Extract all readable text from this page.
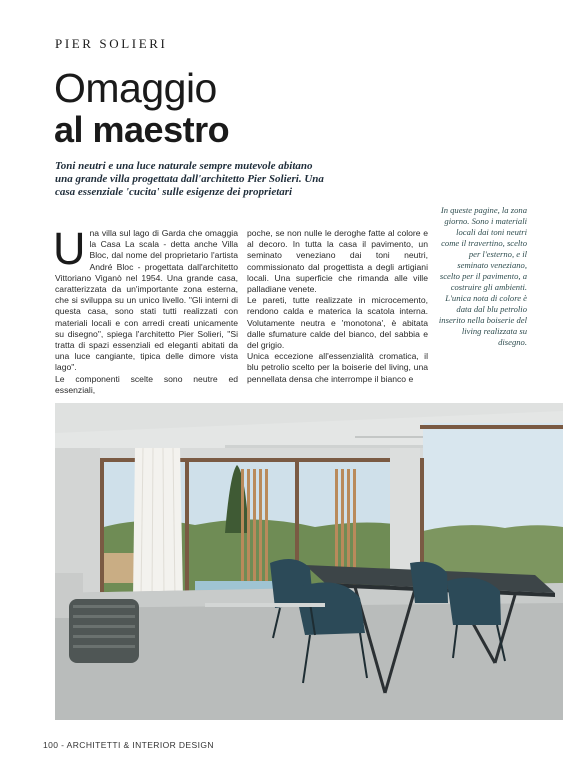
PIER SOLIERI
Omaggio
al maestro

Toni neutri e una luce naturale sempre mutevole abitano una grande villa progettata dall'architetto Pier Solieri. Una casa essenziale 'cucita' sulle esigenze dei proprietari

U na villa sul lago di Garda che omaggia la Casa La scala - detta anche Villa Bloc, dal nome del proprietario l'artista André Bloc - progettata dall'architetto Vittoriano Viganò nel 1954. Una grande casa, caratterizzata da un'importante zona esterna, che si sviluppa su un unico livello. "Gli interni di questa casa, sono stati tutti realizzati con materiali locali e con arredi creati unicamente su disegno", spiega l'architetto Pier Solieri, "Si tratta di spazi essenziali ed eleganti abitati da una luce cangiante, tipica delle dimore vista lago".

Le componenti scelte sono neutre ed essenziali,

poche, se non nulle le deroghe fatte al colore e al decoro. In tutta la casa il pavimento, un seminato veneziano dai toni neutri, commissionato dal progettista a degli artigiani locali. Una superficie che rimanda alle ville palladiane venete.

Le pareti, tutte realizzate in microcemento, rendono calda e materica la scatola interna. Volutamente neutra e 'monotona', è abitata dalle sfumature calde del bianco, del sabbia e del grigio.

Unica eccezione all'essenzialità cromatica, il blu petrolio scelto per la boiserie del living, una pennellata densa che interrompe il bianco e

In queste pagine, la zona giorno. Sono i materiali locali dai toni neutri come il travertino, scelto per l'esterno, e il seminato veneziano, scelto per il pavimento, a costruire gli ambienti. L'unica nota di colore è data dal blu petrolio inserito nella boiserie del living realizzata su disegno.

100 - ARCHITETTI & INTERIOR DESIGN
